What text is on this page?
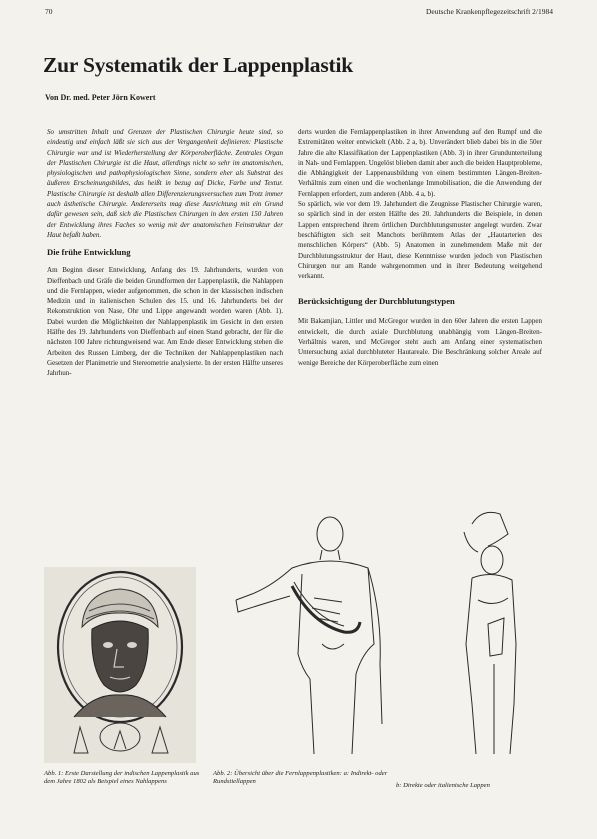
70	Deutsche Krankenpflegezeitschrift 2/1984
Zur Systematik der Lappenplastik
Von Dr. med. Peter Jörn Kowert

So umstritten Inhalt und Grenzen der Plastischen Chirurgie heute sind, so eindeutig und einfach läßt sie sich aus der Vergangenheit definieren: Plastische Chirurgie war und ist Wiederherstellung der Körperoberfläche. Zentrales Organ der Plastischen Chirurgie ist die Haut, allerdings nicht so sehr im anatomischen, physiologischen und pathophysiologischen Sinne, sondern eher als Substrat des äußeren Erscheinungsbildes, das heißt in bezug auf Dicke, Farbe und Textur. Plastische Chirurgie ist deshalb allen Differenzierungsversuchen zum Trotz immer auch ästhetische Chirurgie. Andererseits mag diese Ausrichtung mit ein Grund dafür gewesen sein, daß sich die Plastischen Chirurgen in den ersten 150 Jahren der Entwicklung ihres Faches so wenig mit der anatomischen Feinstruktur der Haut befaßt haben.

Die frühe Entwicklung

Am Beginn dieser Entwicklung, Anfang des 19. Jahrhunderts, wurden von Dieffenbach und Gräfe die beiden Grundformen der Lappenplastik, die Nahlappen und die Fernlappen, wieder aufgenommen, die schon in der klassischen indischen Medizin und in italienischen Schulen des 15. und 16. Jahrhunderts bei der Rekonstruktion von Nase, Ohr und Lippe angewandt worden waren (Abb. 1). Dabei wurden die Möglichkeiten der Nahlappenplastik im Gesicht in den ersten Hälfte des 19. Jahrhunderts von Dieffenbach auf einen Stand gebracht, der für die nächsten 100 Jahre richtungweisend war. Am Ende dieser Entwicklung stehen die Arbeiten des Russen Limberg, der die Techniken der Nahlappenplastiken nach Gesetzen der Planimetrie und Stereometrie analysierte. In der ersten Hälfte unseres Jahrhun-

derts wurden die Fernlappenplastiken in ihrer Anwendung auf den Rumpf und die Extremitäten weiter entwickelt (Abb. 2 a, b). Unverändert blieb dabei bis in die 50er Jahre die alte Klassifikation der Lappenplastiken (Abb. 3) in ihrer Grundunterteilung in Nah- und Fernlappen. Ungelöst blieben damit aber auch die beiden Hauptprobleme, die Abhängigkeit der Lappenausbildung von einem bestimmten Längen-Breiten-Verhältnis zum einen und die wochenlange Immobilisation, die die Anwendung der Fernlappen erfordert, zum anderen (Abb. 4 a, b).

So spärlich, wie vor dem 19. Jahrhundert die Zeugnisse Plastischer Chirurgie waren, so spärlich sind in der ersten Hälfte des 20. Jahrhunderts die Beispiele, in denen Lappen entsprechend ihrem örtlichen Durchblutungsmuster angelegt wurden. Zwar beschäftigten sich seit Manchots berühmtem Atlas der „Hautarterien des menschlichen Körpers“ (Abb. 5) Anatomen in zunehmendem Maße mit der Durchblutungsstruktur der Haut, diese Kenntnisse wurden jedoch von Plastischen Chirurgen nur am Rande wahrgenommen und in ihrer Bedeutung weitgehend verkannt.

Berücksichtigung der Durchblutungstypen

Mit Bakamjian, Littler und McGregor wurden in den 60er Jahren die ersten Lappen entwickelt, die durch axiale Durchblutung unabhängig vom Längen-Breiten-Verhältnis waren, und McGregor steht auch am Anfang einer systematischen Untersuchung axial durchbluteter Hautareale. Die Beschränkung solcher Areale auf wenige Bereiche der Körperoberfläche zum einen

Abb. 1: Erste Darstellung der indischen Lappenplastik aus dem Jahre 1802 als Beispiel eines Nahlappens
Abb. 2: Übersicht über die Fernlappenplastiken: a: Indirekt- oder Rundstiellappen
b: Direkte oder italienische Lappen
